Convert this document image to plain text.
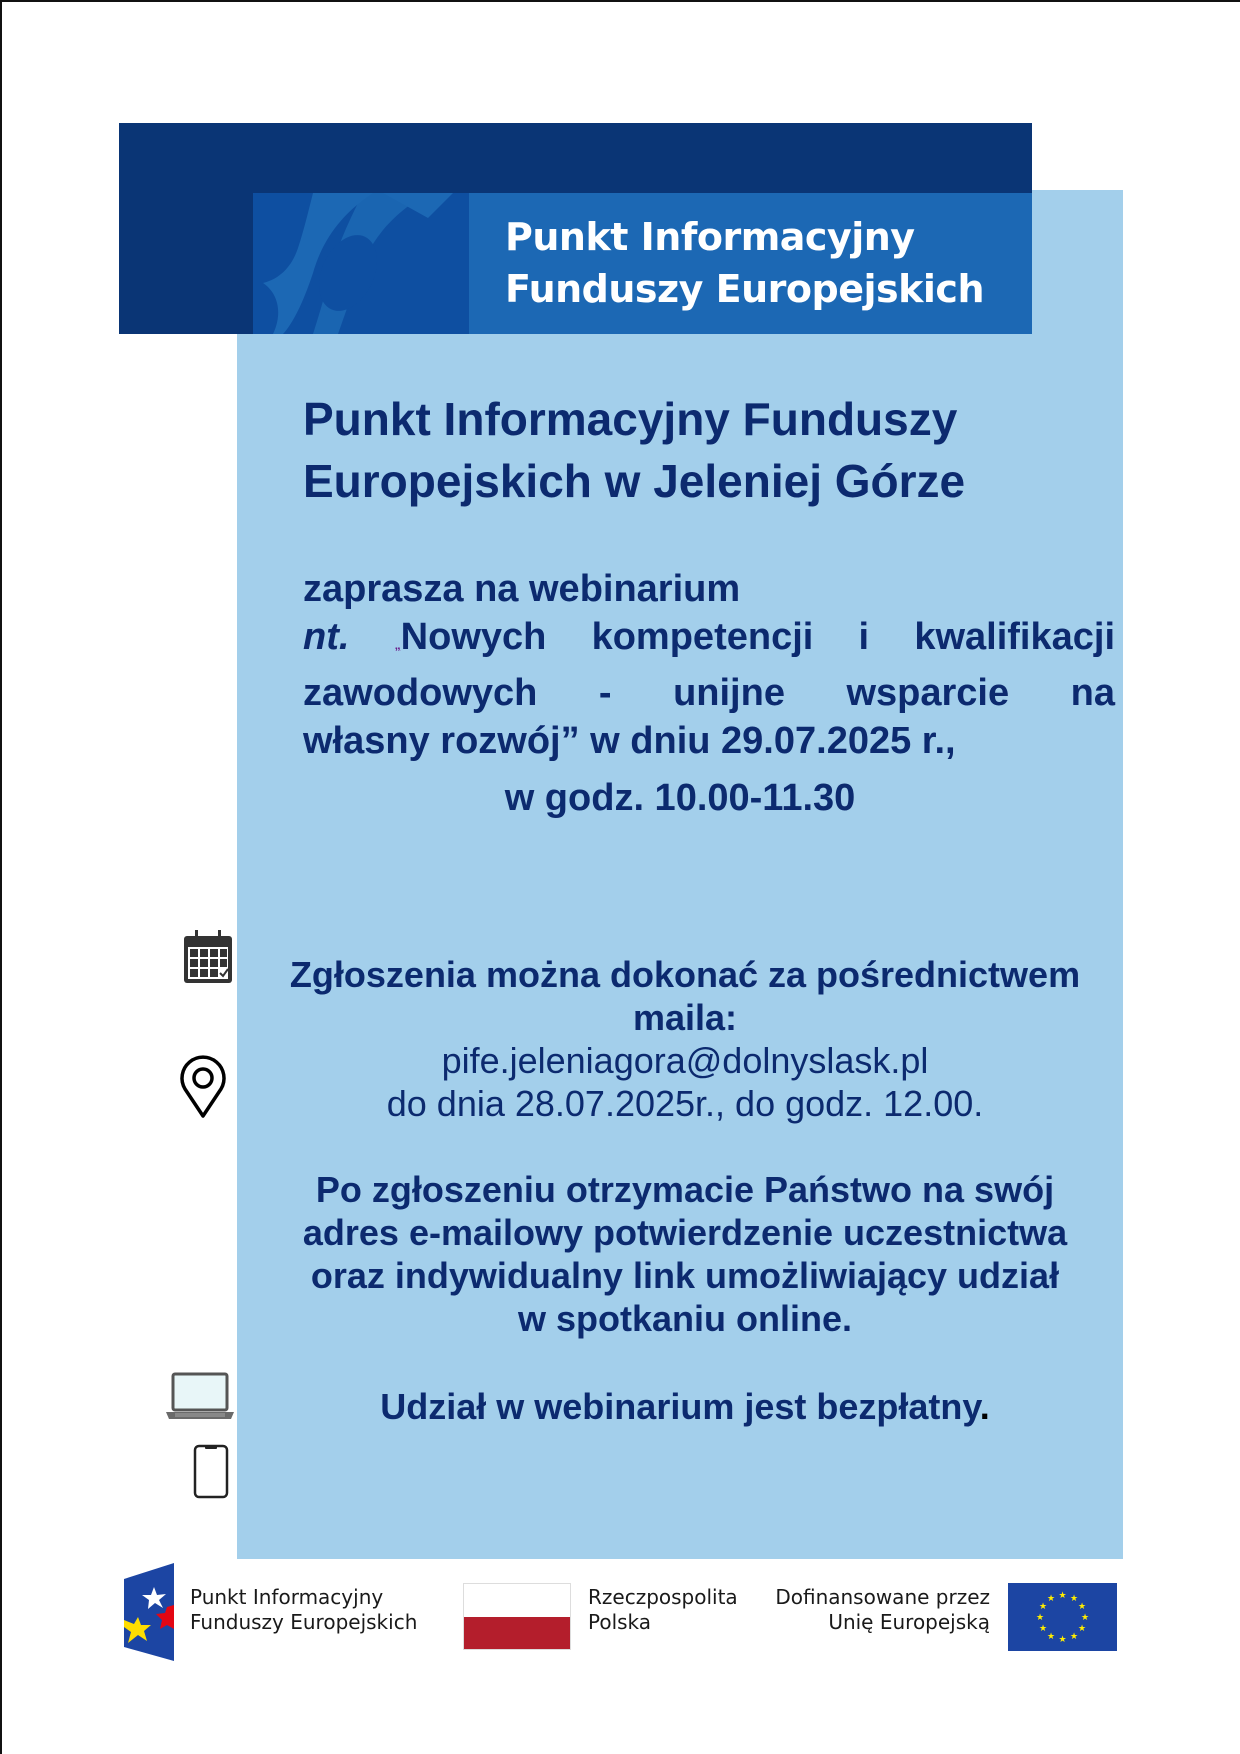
Punkt Informacyjny
Funduszy Europejskich
Punkt Informacyjny Funduszy
Europejskich w Jeleniej Górze
zaprasza na webinarium
nt.	„Nowych kompetencji i kwalifikacji
zawodowych - unijne wsparcie na
własny rozwój” w dniu 29.07.2025 r.,
w godz. 10.00-11.30
Zgłoszenia można dokonać za pośrednictwem
maila:
pife.jeleniagora@dolnyslask.pl
do dnia 28.07.2025r., do godz. 12.00.
Po zgłoszeniu otrzymacie Państwo na swój
adres e-mailowy potwierdzenie uczestnictwa
oraz indywidualny link umożliwiający udział
w spotkaniu online.
Udział w webinarium jest bezpłatny.
Punkt Informacyjny
Funduszy Europejskich
Rzeczpospolita
Polska
Dofinansowane przez
Unię Europejską
★ ★
★
★
★
★
★
★
★
★
★
★
